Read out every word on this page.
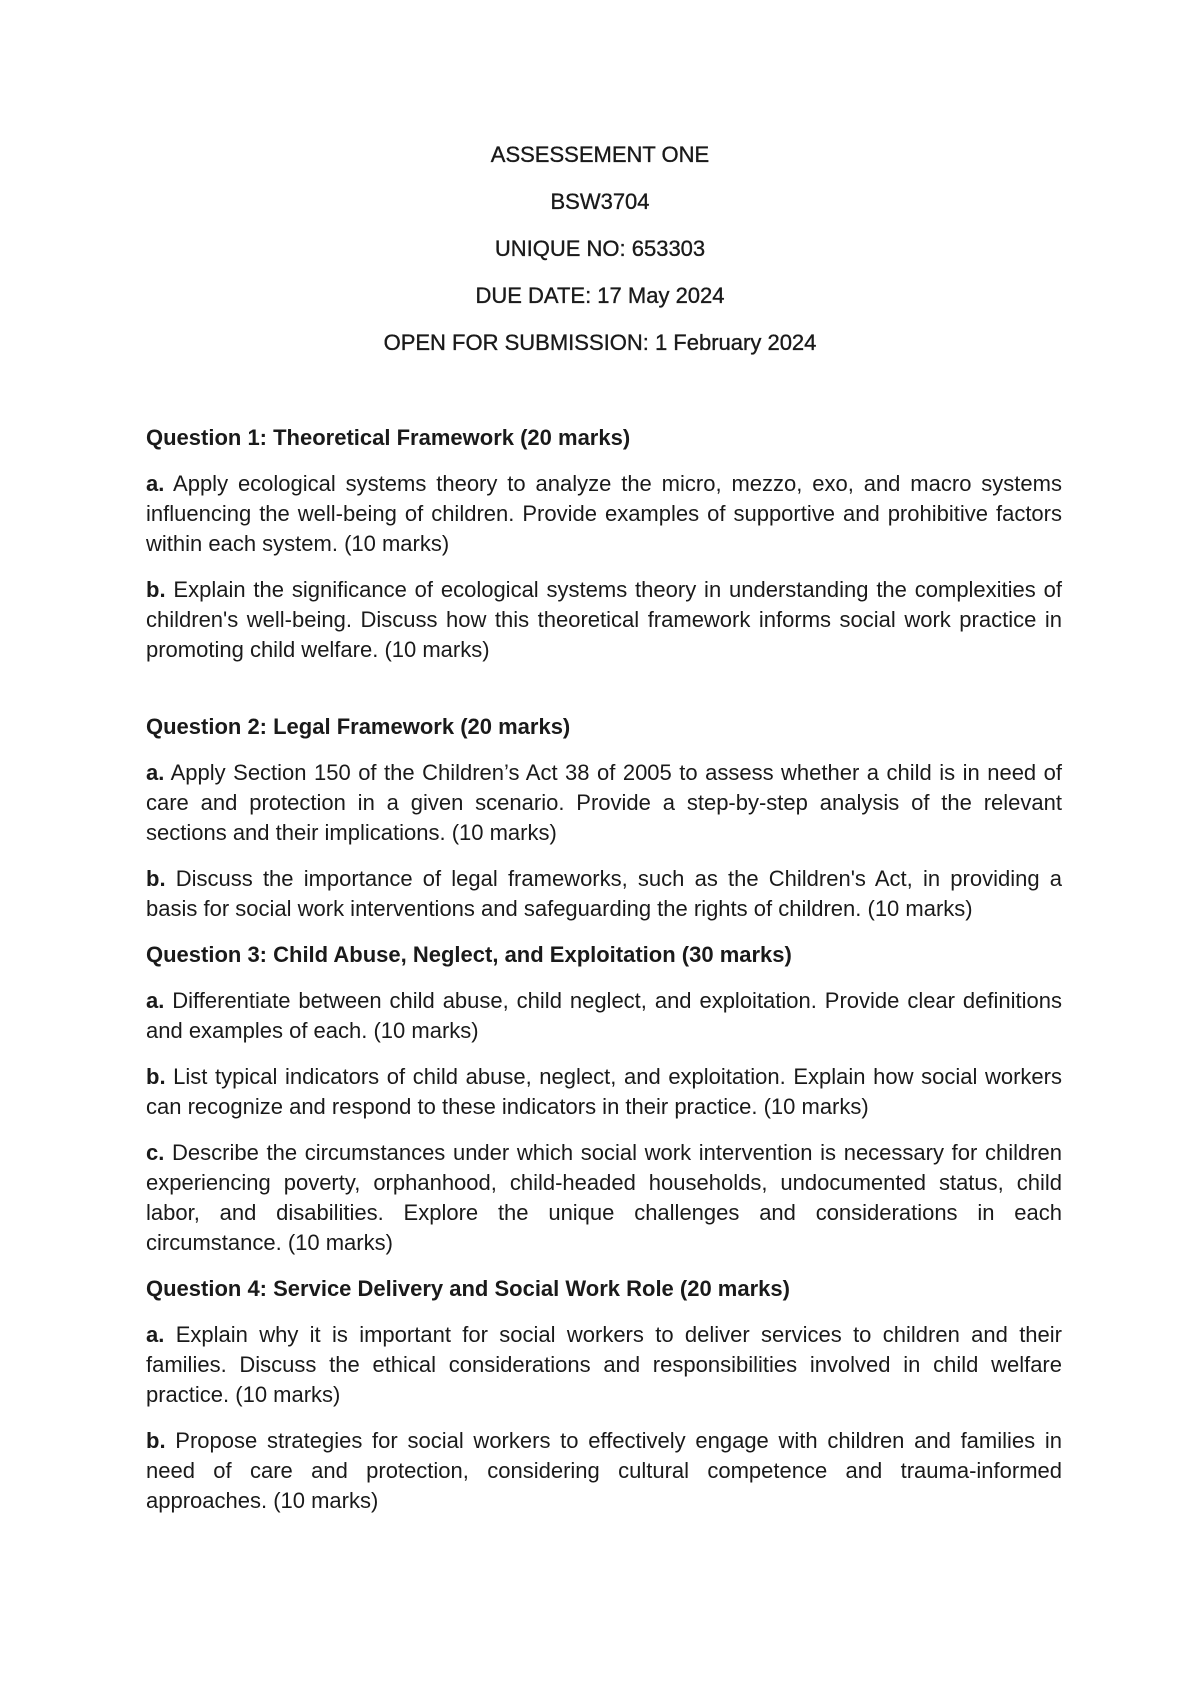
ASSESSEMENT ONE
BSW3704
UNIQUE NO: 653303
DUE DATE: 17 May 2024
OPEN FOR SUBMISSION: 1 February 2024
Question 1: Theoretical Framework (20 marks)
a. Apply ecological systems theory to analyze the micro, mezzo, exo, and macro systems influencing the well-being of children. Provide examples of supportive and prohibitive factors within each system. (10 marks)
b. Explain the significance of ecological systems theory in understanding the complexities of children's well-being. Discuss how this theoretical framework informs social work practice in promoting child welfare. (10 marks)
Question 2: Legal Framework (20 marks)
a. Apply Section 150 of the Children’s Act 38 of 2005 to assess whether a child is in need of care and protection in a given scenario. Provide a step-by-step analysis of the relevant sections and their implications. (10 marks)
b. Discuss the importance of legal frameworks, such as the Children's Act, in providing a basis for social work interventions and safeguarding the rights of children. (10 marks)
Question 3: Child Abuse, Neglect, and Exploitation (30 marks)
a. Differentiate between child abuse, child neglect, and exploitation. Provide clear definitions and examples of each. (10 marks)
b. List typical indicators of child abuse, neglect, and exploitation. Explain how social workers can recognize and respond to these indicators in their practice. (10 marks)
c. Describe the circumstances under which social work intervention is necessary for children experiencing poverty, orphanhood, child-headed households, undocumented status, child labor, and disabilities. Explore the unique challenges and considerations in each circumstance. (10 marks)
Question 4: Service Delivery and Social Work Role (20 marks)
a. Explain why it is important for social workers to deliver services to children and their families. Discuss the ethical considerations and responsibilities involved in child welfare practice. (10 marks)
b. Propose strategies for social workers to effectively engage with children and families in need of care and protection, considering cultural competence and trauma-informed approaches. (10 marks)
